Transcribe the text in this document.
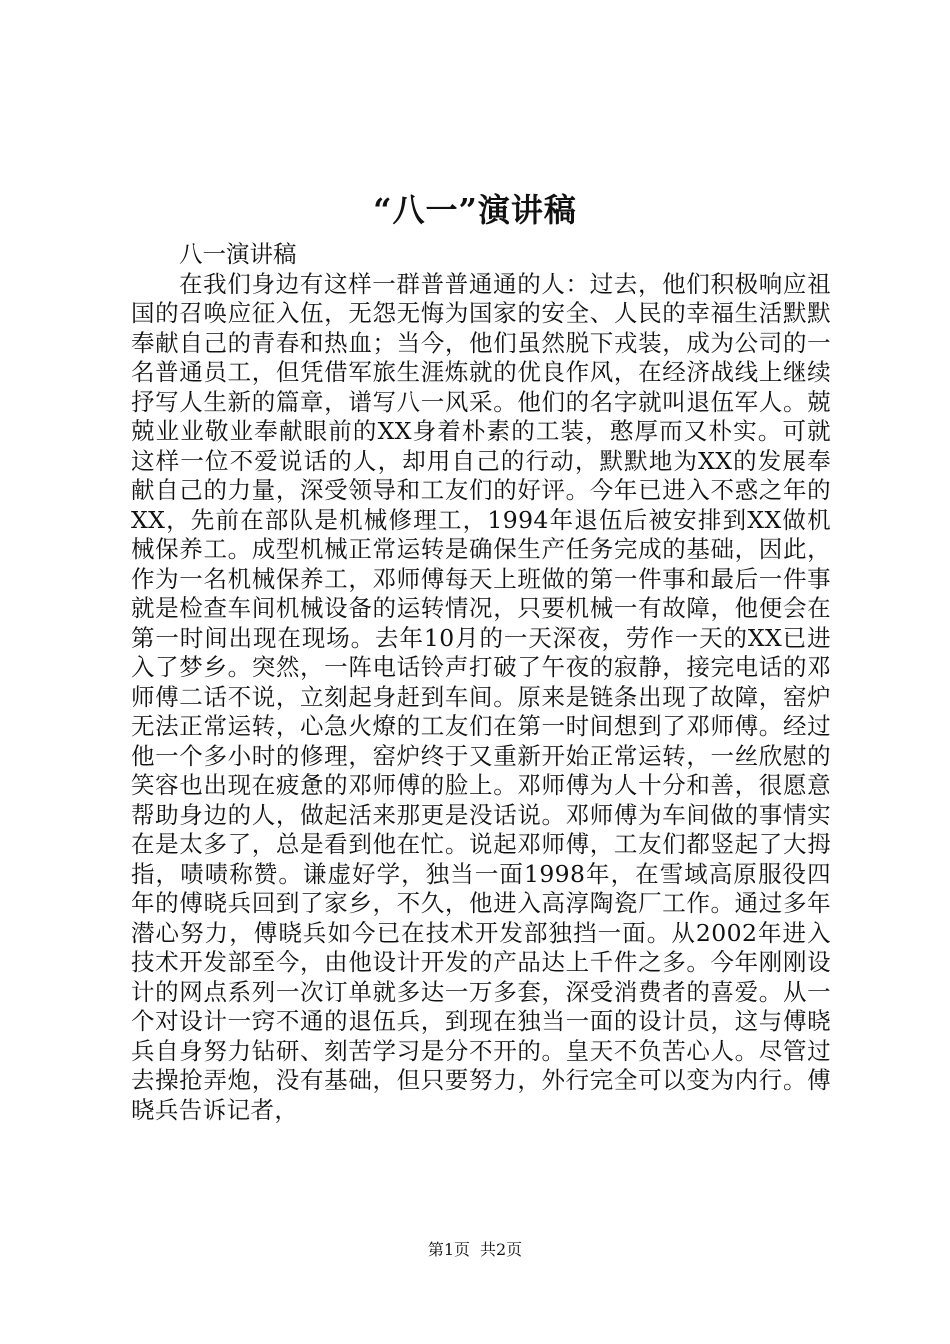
“八一”演讲稿

八一演讲稿

在我们身边有这样一群普普通通的人：过去，他们积极响应祖国的召唤应征入伍，无怨无悔为国家的安全、人民的幸福生活默默奉献自己的青春和热血；当今，他们虽然脱下戎装，成为公司的一名普通员工，但凭借军旅生涯炼就的优良作风，在经济战线上继续抒写人生新的篇章，谱写八一风采。他们的名字就叫退伍军人。兢兢业业敬业奉献眼前的XX身着朴素的工装，憨厚而又朴实。可就这样一位不爱说话的人，却用自己的行动，默默地为XX的发展奉献自己的力量，深受领导和工友们的好评。今年已进入不惑之年的XX，先前在部队是机械修理工，1994年退伍后被安排到XX做机械保养工。成型机械正常运转是确保生产任务完成的基础，因此，作为一名机械保养工，邓师傅每天上班做的第一件事和最后一件事就是检查车间机械设备的运转情况，只要机械一有故障，他便会在第一时间出现在现场。去年10月的一天深夜，劳作一天的XX已进入了梦乡。突然，一阵电话铃声打破了午夜的寂静，接完电话的邓师傅二话不说，立刻起身赶到车间。原来是链条出现了故障，窑炉无法正常运转，心急火燎的工友们在第一时间想到了邓师傅。经过他一个多小时的修理，窑炉终于又重新开始正常运转，一丝欣慰的笑容也出现在疲惫的邓师傅的脸上。邓师傅为人十分和善，很愿意帮助身边的人，做起活来那更是没话说。邓师傅为车间做的事情实在是太多了，总是看到他在忙。说起邓师傅，工友们都竖起了大拇指，啧啧称赞。谦虚好学，独当一面1998年，在雪域高原服役四年的傅晓兵回到了家乡，不久，他进入高淳陶瓷厂工作。通过多年潜心努力，傅晓兵如今已在技术开发部独挡一面。从2002年进入技术开发部至今，由他设计开发的产品达上千件之多。今年刚刚设计的网点系列一次订单就多达一万多套，深受消费者的喜爱。从一个对设计一窍不通的退伍兵，到现在独当一面的设计员，这与傅晓兵自身努力钻研、刻苦学习是分不开的。皇天不负苦心人。尽管过去操抢弄炮，没有基础，但只要努力，外行完全可以变为内行。傅晓兵告诉记者，

第1页 共2页
